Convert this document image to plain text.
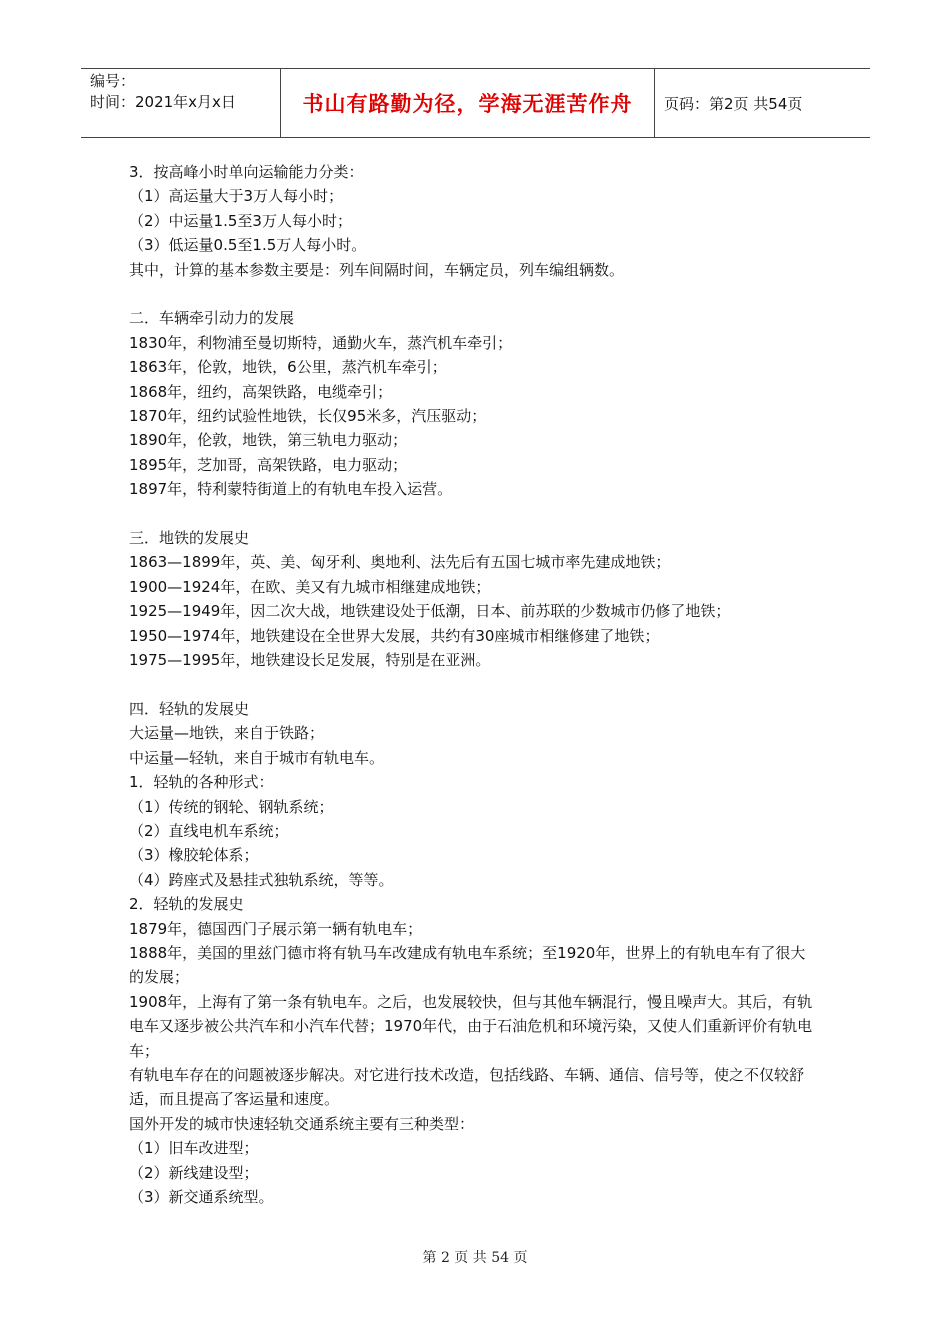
编号：
时间：2021年x月x日	书山有路勤为径，学海无涯苦作舟 页码：第2页 共54页

3．按高峰小时单向运输能力分类：

（1）高运量大于3万人每小时；

（2）中运量1.5至3万人每小时；

（3）低运量0.5至1.5万人每小时。

其中，计算的基本参数主要是：列车间隔时间，车辆定员，列车编组辆数。

二．车辆牵引动力的发展

1830年，利物浦至曼切斯特，通勤火车，蒸汽机车牵引；

1863年，伦敦，地铁，6公里，蒸汽机车牵引；

1868年，纽约，高架铁路，电缆牵引；

1870年，纽约试验性地铁，长仅95米多，汽压驱动；

1890年，伦敦，地铁，第三轨电力驱动；

1895年，芝加哥，高架铁路，电力驱动；

1897年，特利蒙特街道上的有轨电车投入运营。

三．地铁的发展史

1863—1899年，英、美、匈牙利、奥地利、法先后有五国七城市率先建成地铁；

1900—1924年，在欧、美又有九城市相继建成地铁；

1925—1949年，因二次大战，地铁建设处于低潮，日本、前苏联的少数城市仍修了地铁；

1950—1974年，地铁建设在全世界大发展，共约有30座城市相继修建了地铁；

1975—1995年，地铁建设长足发展，特别是在亚洲。

四．轻轨的发展史

大运量—地铁，来自于铁路；

中运量—轻轨，来自于城市有轨电车。

1．轻轨的各种形式：

（1）传统的钢轮、钢轨系统；

（2）直线电机车系统；

（3）橡胶轮体系；

（4）跨座式及悬挂式独轨系统，等等。

2．轻轨的发展史

1879年，德国西门子展示第一辆有轨电车；

1888年，美国的里兹门德市将有轨马车改建成有轨电车系统；至1920年，世界上的有轨电车有了很大的发展；

1908年，上海有了第一条有轨电车。之后，也发展较快，但与其他车辆混行，慢且噪声大。其后，有轨电车又逐步被公共汽车和小汽车代替；1970年代，由于石油危机和环境污染，又使人们重新评价有轨电车；

有轨电车存在的问题被逐步解决。对它进行技术改造，包括线路、车辆、通信、信号等，使之不仅较舒适，而且提高了客运量和速度。

国外开发的城市快速轻轨交通系统主要有三种类型：

（1）旧车改进型；

（2）新线建设型；

（3）新交通系统型。

第 2 页 共 54 页
